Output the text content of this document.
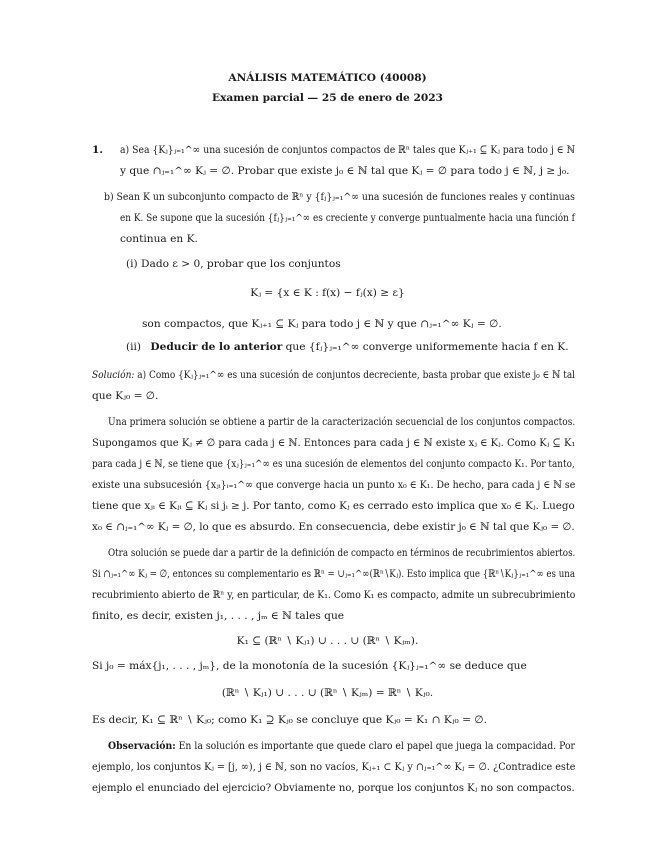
ANÁLISIS MATEMÁTICO (40008)
Examen parcial — 25 de enero de 2023
1. a) Sea {Kⱼ}ⱼ₌₁^∞ una sucesión de conjuntos compactos de ℝⁿ tales que Kⱼ₊₁ ⊆ Kⱼ para todo j ∈ ℕ
y que ∩ⱼ₌₁^∞ Kⱼ = ∅. Probar que existe j₀ ∈ ℕ tal que Kⱼ = ∅ para todo j ∈ ℕ, j ≥ j₀.
b) Sean K un subconjunto compacto de ℝⁿ y {fⱼ}ⱼ₌₁^∞ una sucesión de funciones reales y continuas
en K. Se supone que la sucesión {fⱼ}ⱼ₌₁^∞ es creciente y converge puntualmente hacia una función f
continua en K.
(i) Dado ε > 0, probar que los conjuntos
Kⱼ = {x ∈ K : f(x) − fⱼ(x) ≥ ε}
son compactos, que Kⱼ₊₁ ⊆ Kⱼ para todo j ∈ ℕ y que ∩ⱼ₌₁^∞ Kⱼ = ∅.
(ii) Deducir de lo anterior que {fⱼ}ⱼ₌₁^∞ converge uniformemente hacia f en K.
Solución: a) Como {Kⱼ}ⱼ₌₁^∞ es una sucesión de conjuntos decreciente, basta probar que existe j₀ ∈ ℕ tal
que Kⱼ₀ = ∅.
Una primera solución se obtiene a partir de la caracterización secuencial de los conjuntos compactos.
Supongamos que Kⱼ ≠ ∅ para cada j ∈ ℕ. Entonces para cada j ∈ ℕ existe xⱼ ∈ Kⱼ. Como Kⱼ ⊆ K₁
para cada j ∈ ℕ, se tiene que {xⱼ}ⱼ₌₁^∞ es una sucesión de elementos del conjunto compacto K₁. Por tanto,
existe una subsucesión {xⱼᵢ}ᵢ₌₁^∞ que converge hacia un punto x₀ ∈ K₁. De hecho, para cada j ∈ ℕ se
tiene que xⱼᵢ ∈ Kⱼᵢ ⊆ Kⱼ si jᵢ ≥ j. Por tanto, como Kⱼ es cerrado esto implica que x₀ ∈ Kⱼ. Luego
x₀ ∈ ∩ⱼ₌₁^∞ Kⱼ = ∅, lo que es absurdo. En consecuencia, debe existir j₀ ∈ ℕ tal que Kⱼ₀ = ∅.
Otra solución se puede dar a partir de la definición de compacto en términos de recubrimientos abiertos.
Si ∩ⱼ₌₁^∞ Kⱼ = ∅, entonces su complementario es ℝⁿ = ∪ⱼ₌₁^∞(ℝⁿ∖Kⱼ). Esto implica que {ℝⁿ∖Kⱼ}ⱼ₌₁^∞ es una
recubrimiento abierto de ℝⁿ y, en particular, de K₁. Como K₁ es compacto, admite un subrecubrimiento
finito, es decir, existen j₁, . . . , jₘ ∈ ℕ tales que
K₁ ⊆ (ℝⁿ ∖ Kⱼ₁) ∪ . . . ∪ (ℝⁿ ∖ Kⱼₘ).
Si j₀ = máx{j₁, . . . , jₘ}, de la monotonía de la sucesión {Kⱼ}ⱼ₌₁^∞ se deduce que
(ℝⁿ ∖ Kⱼ₁) ∪ . . . ∪ (ℝⁿ ∖ Kⱼₘ) = ℝⁿ ∖ Kⱼ₀.
Es decir, K₁ ⊆ ℝⁿ ∖ Kⱼ₀; como K₁ ⊇ Kⱼ₀ se concluye que Kⱼ₀ = K₁ ∩ Kⱼ₀ = ∅.
Observación: En la solución es importante que quede claro el papel que juega la compacidad. Por
ejemplo, los conjuntos Kⱼ = [j, ∞), j ∈ ℕ, son no vacíos, Kⱼ₊₁ ⊂ Kⱼ y ∩ⱼ₌₁^∞ Kⱼ = ∅. ¿Contradice este
ejemplo el enunciado del ejercicio? Obviamente no, porque los conjuntos Kⱼ no son compactos.
